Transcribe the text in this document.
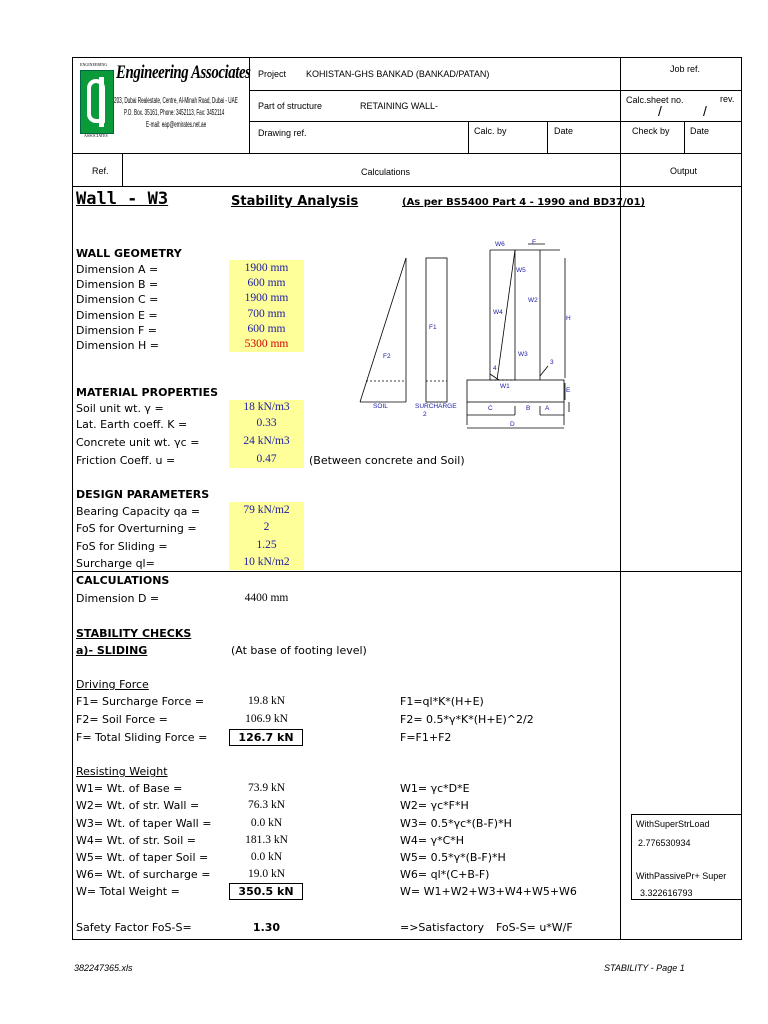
ENGINEERING
ASSOCIATES
Engineering Associates
203, Dubai Realestate, Centre, Al-Minah Road, Dubai - UAE
P.O. Box. 35161, Phone: 3452113, Fax: 3452114
E-mail: eap@emirates.net.ae
Project KOHISTAN-GHS BANKAD (BANKAD/PATAN)	Job ref.
Part of structure	RETAINING WALL-
Calc.sheet no.	rev.
/	/
Drawing ref.	Calc. by	Date	Check by Date
Ref.	Calculations	Output
Wall - W3	Stability Analysis	(As per BS5400 Part 4 - 1990 and BD37/01)
WALL GEOMETRY
Dimension A =	1900 mm
Dimension B =	600 mm
Dimension C =	1900 mm
Dimension E =	700 mm
Dimension F =	600 mm
Dimension H =	5300 mm
MATERIAL PROPERTIES
Soil unit wt. γ =	18 kN/m3
Lat. Earth coeff. K =	0.33
Concrete unit wt. γc =	24 kN/m3
Friction Coeff. u =	0.47	(Between concrete and Soil)
DESIGN PARAMETERS
Bearing Capacity qa =	79 kN/m2
FoS for Overturning =	2
FoS for Sliding =	1.25
Surcharge ql=	10 kN/m2
CALCULATIONS
Dimension D =	4400 mm
STABILITY CHECKS
a)- SLIDING	(At base of footing level)
Driving Force
F1= Surcharge Force =	19.8 kN	F1=ql*K*(H+E)
F2= Soil Force =	106.9 kN	F2= 0.5*γ*K*(H+E)^2/2
F= Total Sliding Force =	126.7 kN	F=F1+F2
Resisting Weight
W1= Wt. of Base =	73.9 kN	W1= γc*D*E
W2= Wt. of str. Wall =	76.3 kN	W2= γc*F*H
W3= Wt. of taper Wall =	0.0 kN	W3= 0.5*γc*(B-F)*H
W4= Wt. of str. Soil =	181.3 kN	W4= γ*C*H
W5= Wt. of taper Soil =	0.0 kN	W5= 0.5*γ*(B-F)*H
W6= Wt. of surcharge =	19.0 kN	W6= ql*(C+B-F)
W= Total Weight =	350.5 kN	W= W1+W2+W3+W4+W5+W6
Safety Factor FoS-S=	1.30	=>Satisfactory FoS-S= u*W/F
WithSuperStrLoad
2.776530934
WithPassivePr+ Super
3.322616793
SOIL	SURCHARGE
2
F1
F2
W6
W5
W2
W4
W3
W1
4
3
F
H
E
C	B A
D
382247365.xls	STABILITY - Page 1
